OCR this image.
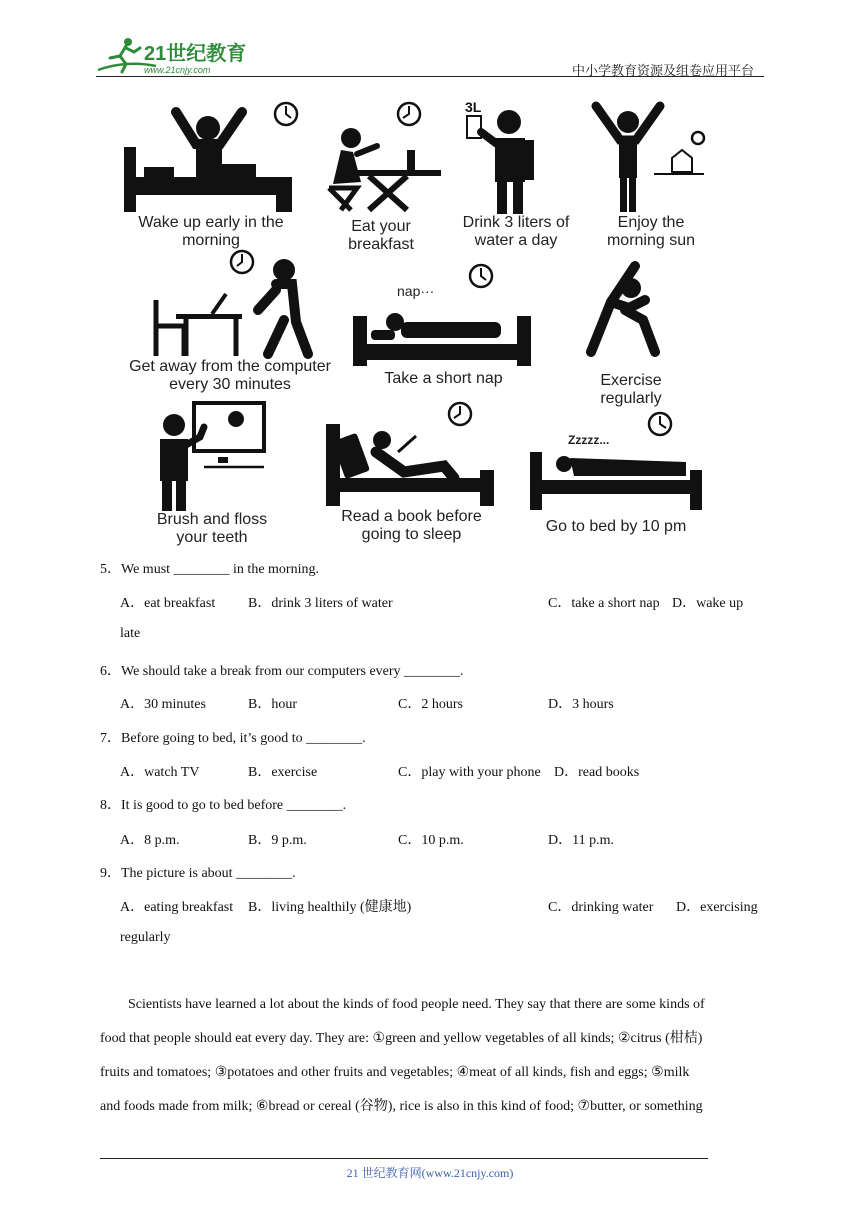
21世纪教育
www.21cnjy.com	中小学教育资源及组卷应用平台
Wake up early in the
morning
Eat your
breakfast
3L
Drink 3 liters of
water a day
Enjoy the
morning sun
Get away from the computer
every 30 minutes
nap···
Take a short nap	Exercise
regularly
Brush and floss
your teeth
Read a book before
going to sleep
Zzzzz...
Go to bed by 10 pm
5．We must ________ in the morning.
A．eat breakfast B．drink 3 liters of water	C．take a short nap D．wake up
late
6．We should take a break from our computers every ________.
A．30 minutes	B．hour	C．2 hours	D．3 hours
7．Before going to bed, it’s good to ________.
A．watch TV	B．exercise	C．play with your phone D．read books
8．It is good to go to bed before ________.
A．8 p.m.	B．9 p.m.	C．10 p.m.	D．11 p.m.
9．The picture is about ________.
A．eating breakfast B．living healthily (健康地)	C．drinking water D．exercising
regularly
Scientists have learned a lot about the kinds of food people need. They say that there are some kinds of
food that people should eat every day. They are: ①green and yellow vegetables of all kinds; ②citrus (柑桔)
fruits and tomatoes; ③potatoes and other fruits and vegetables; ④meat of all kinds, fish and eggs; ⑤milk
and foods made from milk; ⑥bread or cereal (谷物), rice is also in this kind of food; ⑦butter, or something
21 世纪教育网(www.21cnjy.com)
